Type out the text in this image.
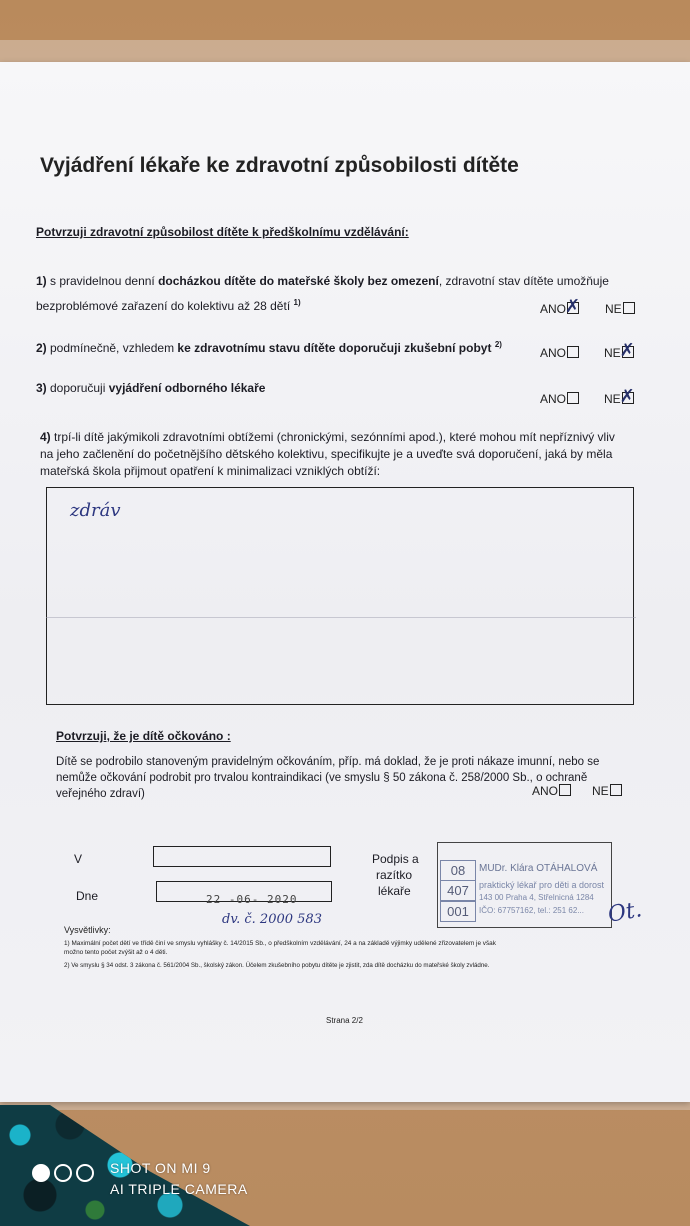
Vyjádření lékaře ke zdravotní způsobilosti dítěte
Potvrzuji zdravotní způsobilost dítěte k předškolnímu vzdělávání:
1) s pravidelnou denní docházkou dítěte do mateřské školy bez omezení, zdravotní stav dítěte umožňuje
bezproblémové zařazení do kolektivu až 28 dětí $^{1)}$	ANO ✗ NE
2) podmínečně, vzhledem ke zdravotnímu stavu dítěte doporučuji zkušební pobyt $^{2)}$
ANO	NE ✗
3) doporučuji vyjádření odborného lékaře
ANO	NE ✗
4) trpí-li dítě jakýmikoli zdravotními obtížemi (chronickými, sezónními apod.), které mohou mít nepříznivý vliv
na jeho začlenění do početnějšího dětského kolektivu, specifikujte je a uveďte svá doporučení, jaká by měla
mateřská škola přijmout opatření k minimalizaci vzniklých obtíží:
zdráv
Potvrzuji, že je dítě očkováno :
Dítě se podrobilo stanoveným pravidelným očkováním, příp. má doklad, že je proti nákaze imunní, nebo se
nemůže očkování podrobit pro trvalou kontraindikaci (ve smyslu § 50 zákona č. 258/2000 Sb., o ochraně
veřejného zdraví)	ANO	NE
V
Dne	22 -06- 2020
dv. č. 2000 583
Podpis a
razítko
lékaře
08
407
001
MUDr. Klára OTÁHALOVÁ
praktický lékař pro děti a dorost
143 00 Praha 4, Střelnicná 1284
IČO: 67757162, tel.: 251 62... Ot.
Vysvětlivky:
1) Maximální počet dětí ve třídě činí ve smyslu vyhlášky č. 14/2015 Sb., o předškolním vzdělávání, 24 a na základě výjimky udělené zřizovatelem je však
možno tento počet zvýšit až o 4 děti.
2) Ve smyslu § 34 odst. 3 zákona č. 561/2004 Sb., školský zákon. Účelem zkušebního pobytu dítěte je zjistit, zda dítě docházku do mateřské školy zvládne.
Strana 2/2
SHOT ON MI 9
AI TRIPLE CAMERA
